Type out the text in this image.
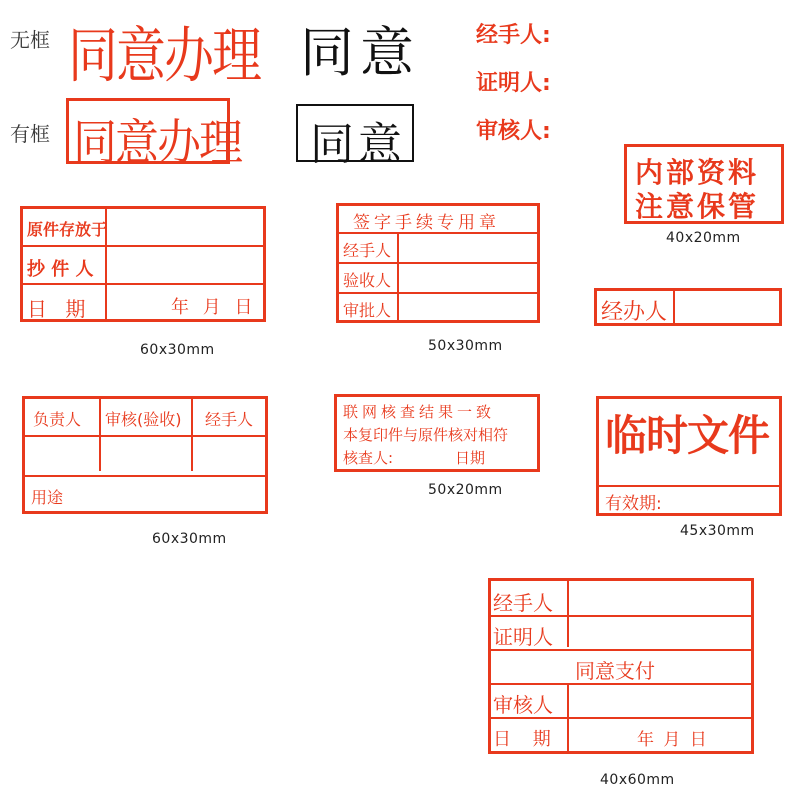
无框 同意办理
有框 同意办理
同意
同意
经手人:
证明人:
审核人:
内部资料
注意保管
40x20mm
原件存放于
抄 件 人
日 期	年 月 日
60x30mm
签字手续专用章
经手人
验收人
审批人
50x30mm
经办人
负责人 审核(验收) 经手人
用途
60x30mm
联网核查结果一致
本复印件与原件核对相符
核查人:	日期
50x20mm
临时文件
有效期:
45x30mm
经手人
证明人
同意支付
审核人
日 期	年 月 日
40x60mm
